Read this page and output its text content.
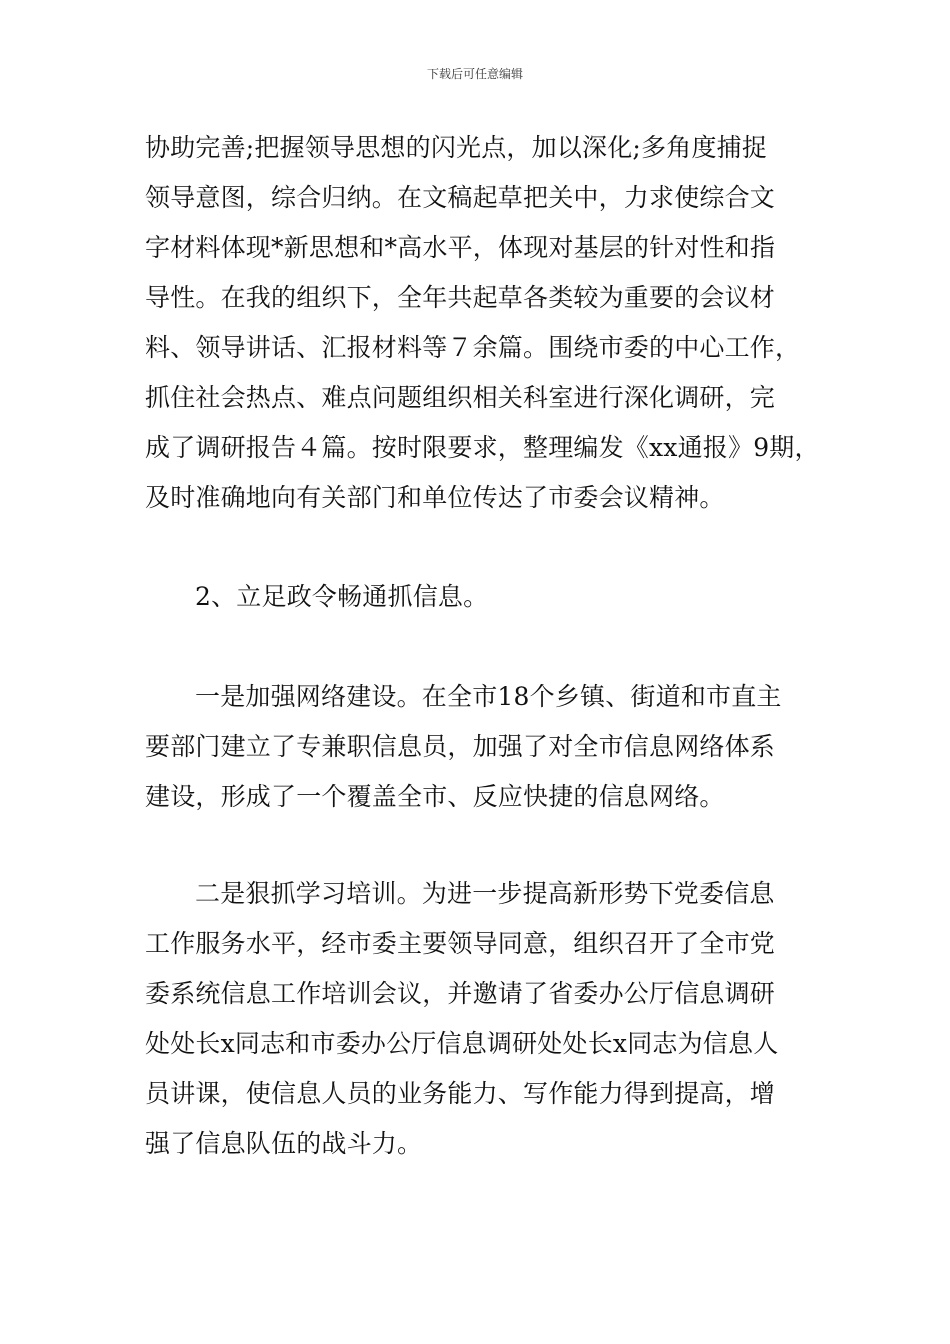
下载后可任意编辑
协助完善;把握领导思想的闪光点，加以深化;多角度捕捉
领导意图，综合归纳。在文稿起草把关中，力求使综合文
字材料体现*新思想和*高水平，体现对基层的针对性和指
导性。在我的组织下，全年共起草各类较为重要的会议材
料、领导讲话、汇报材料等７余篇。围绕市委的中心工作，
抓住社会热点、难点问题组织相关科室进行深化调研，完
成了调研报告４篇。按时限要求，整理编发《xx通报》9期，
及时准确地向有关部门和单位传达了市委会议精神。
2、立足政令畅通抓信息。
一是加强网络建设。在全市18个乡镇、街道和市直主
要部门建立了专兼职信息员，加强了对全市信息网络体系
建设，形成了一个覆盖全市、反应快捷的信息网络。
二是狠抓学习培训。为进一步提高新形势下党委信息
工作服务水平，经市委主要领导同意，组织召开了全市党
委系统信息工作培训会议，并邀请了省委办公厅信息调研
处处长x同志和市委办公厅信息调研处处长x同志为信息人
员讲课，使信息人员的业务能力、写作能力得到提高，增
强了信息队伍的战斗力。
